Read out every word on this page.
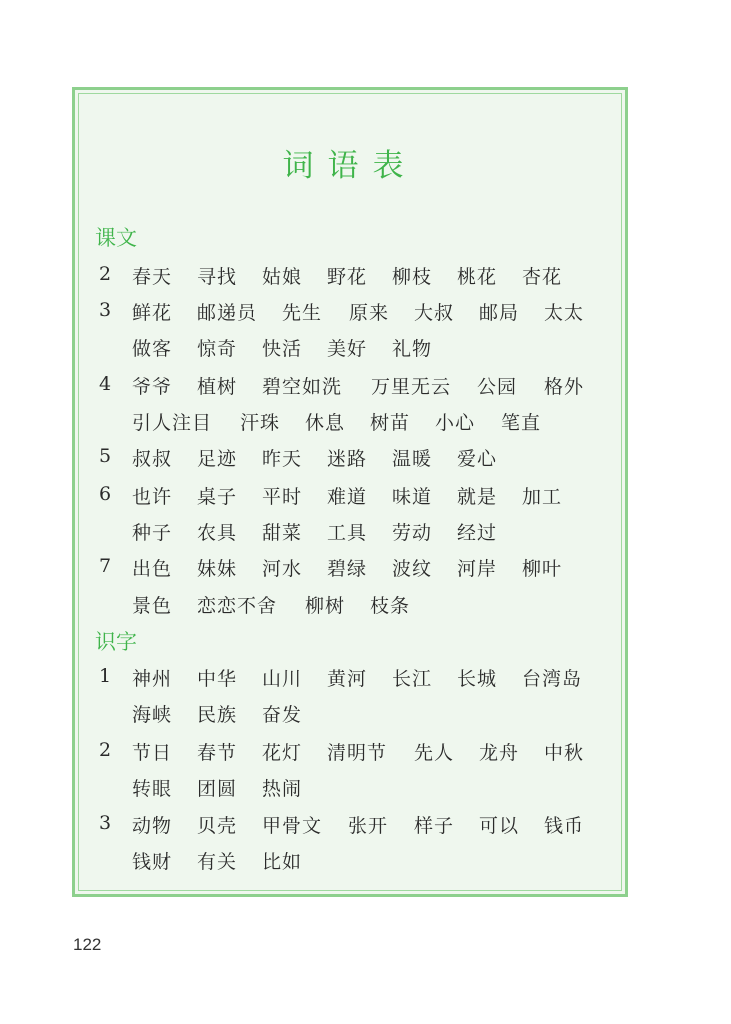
词语表
课文
2 春天 寻找 姑娘 野花 柳枝 桃花 杏花
3 鲜花 邮递员 先生 原来 大叔 邮局 太太
做客 惊奇 快活 美好 礼物
4 爷爷 植树 碧空如洗 万里无云 公园 格外
引人注目 汗珠 休息 树苗 小心 笔直
5 叔叔 足迹 昨天 迷路 温暖 爱心
6 也许 桌子 平时 难道 味道 就是 加工
种子 农具 甜菜 工具 劳动 经过
7 出色 妹妹 河水 碧绿 波纹 河岸 柳叶
景色 恋恋不舍 柳树 枝条
识字
1 神州 中华 山川 黄河 长江 长城 台湾岛
海峡 民族 奋发
2 节日 春节 花灯 清明节 先人 龙舟 中秋
转眼 团圆 热闹
3 动物 贝壳 甲骨文 张开 样子 可以 钱币
钱财 有关 比如
122
